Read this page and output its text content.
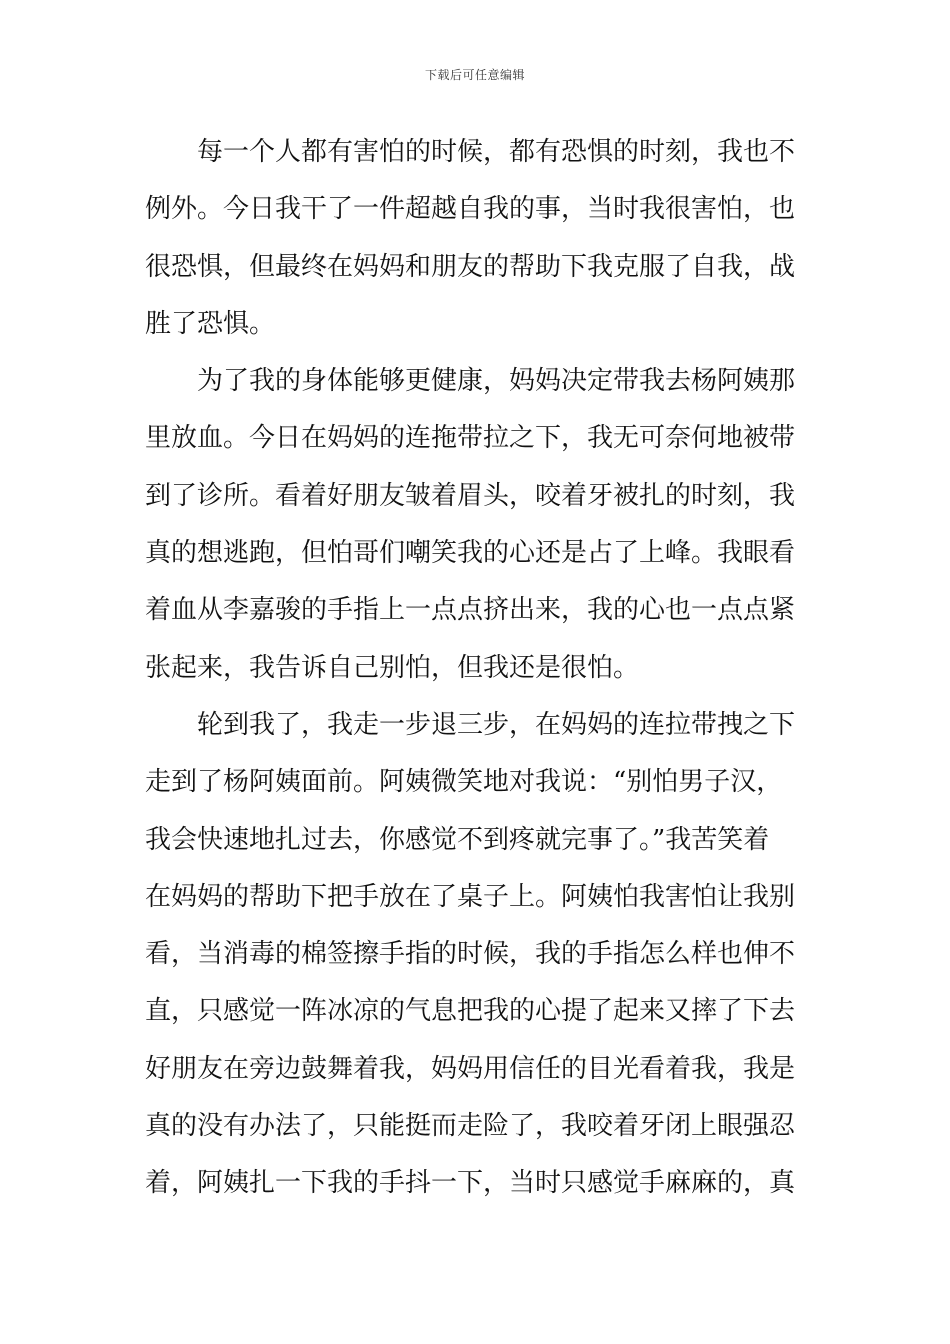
下载后可任意编辑
每一个人都有害怕的时候，都有恐惧的时刻，我也不
例外。今日我干了一件超越自我的事，当时我很害怕，也
很恐惧，但最终在妈妈和朋友的帮助下我克服了自我，战
胜了恐惧。
为了我的身体能够更健康，妈妈决定带我去杨阿姨那
里放血。今日在妈妈的连拖带拉之下，我无可奈何地被带
到了诊所。看着好朋友皱着眉头，咬着牙被扎的时刻，我
真的想逃跑，但怕哥们嘲笑我的心还是占了上峰。我眼看
着血从李嘉骏的手指上一点点挤出来，我的心也一点点紧
张起来，我告诉自己别怕，但我还是很怕。
轮到我了，我走一步退三步，在妈妈的连拉带拽之下
走到了杨阿姨面前。阿姨微笑地对我说：“别怕男子汉，
我会快速地扎过去，你感觉不到疼就完事了。”我苦笑着
在妈妈的帮助下把手放在了桌子上。阿姨怕我害怕让我别
看，当消毒的棉签擦手指的时候，我的手指怎么样也伸不
直，只感觉一阵冰凉的气息把我的心提了起来又摔了下去
好朋友在旁边鼓舞着我，妈妈用信任的目光看着我，我是
真的没有办法了，只能挺而走险了，我咬着牙闭上眼强忍
着，阿姨扎一下我的手抖一下，当时只感觉手麻麻的，真
